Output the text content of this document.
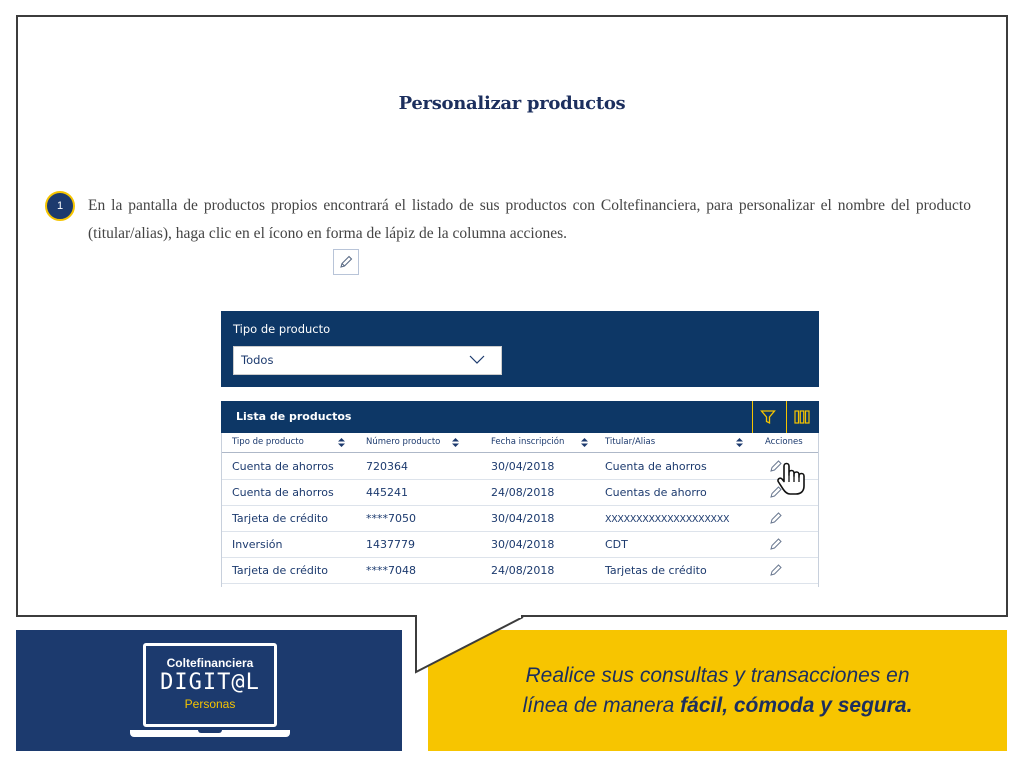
Personalizar productos
1	En la pantalla de productos propios encontrará el listado de sus productos con Coltefinanciera, para personalizar el nombre del producto (titular/alias), haga clic en el ícono en forma de lápiz de la columna acciones.
Tipo de producto
Todos
Lista de productos
Tipo de producto	Número producto	Fecha inscripción	Titular/Alias	Acciones
Cuenta de ahorros	720364	30/04/2018	Cuenta de ahorros
Cuenta de ahorros	445241	24/08/2018	Cuentas de ahorro
Tarjeta de crédito	****7050	30/04/2018	XXXXXXXXXXXXXXXXXXXX
Inversión	1437779	30/04/2018	CDT
Tarjeta de crédito	****7048	24/08/2018	Tarjetas de crédito
Coltefinanciera
DIGIT@L
Personas
Realice sus consultas y transacciones en
línea de manera fácil, cómoda y segura.
